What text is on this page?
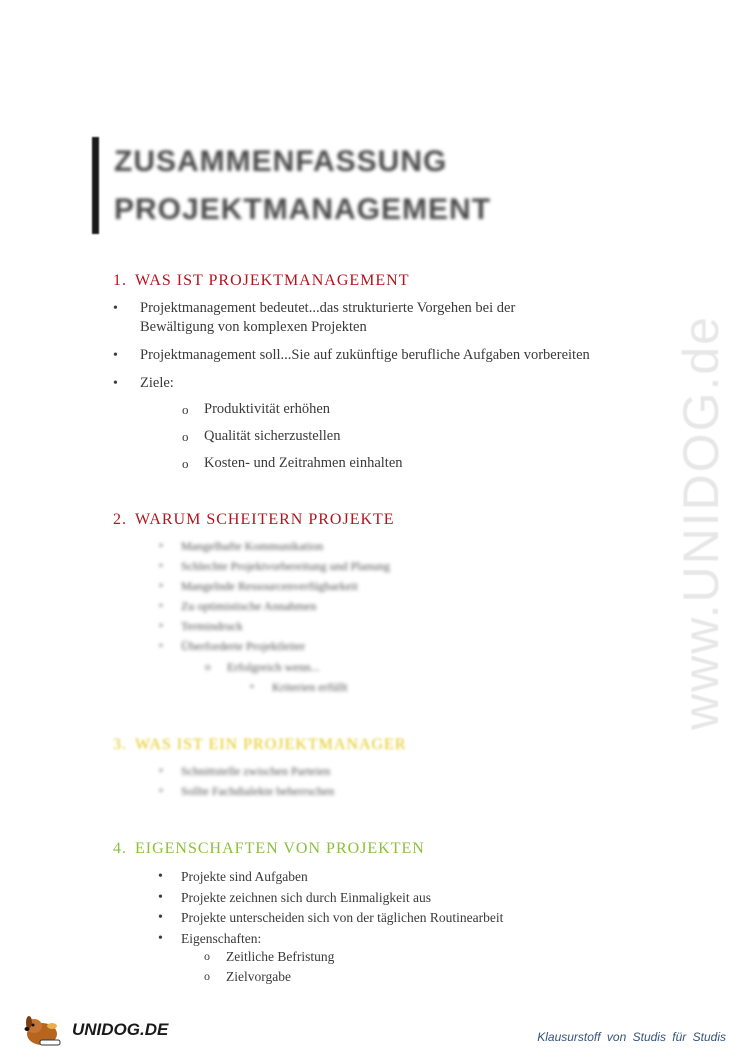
ZUSAMMENFASSUNG
PROJEKTMANAGEMENT
1. WAS IST PROJEKTMANAGEMENT
• Projektmanagement bedeutet...das strukturierte Vorgehen bei der
Bewältigung von komplexen Projekten
• Projektmanagement soll...Sie auf zukünftige berufliche Aufgaben vorbereiten
• Ziele:
o Produktivität erhöhen
o Qualität sicherzustellen
o Kosten- und Zeitrahmen einhalten
2. WARUM SCHEITERN PROJEKTE
• Mangelhafte Kommunikation
• Schlechte Projektvorbereitung und Planung
• Mangelnde Ressourcenverfügbarkeit
• Zu optimistische Annahmen
• Termindruck
• Überforderte Projektleiter
o Erfolgreich wenn...
• Kriterien erfüllt
3. WAS IST EIN PROJEKTMANAGER
• Schnittstelle zwischen Parteien
• Sollte Fachdialekte beherrschen
4. EIGENSCHAFTEN VON PROJEKTEN
• Projekte sind Aufgaben
• Projekte zeichnen sich durch Einmaligkeit aus
• Projekte unterscheiden sich von der täglichen Routinearbeit
• Eigenschaften:
o Zeitliche Befristung
o Zielvorgabe
www.UNIDOG.de
UNIDOG.DE	Klausurstoff von Studis für Studis
